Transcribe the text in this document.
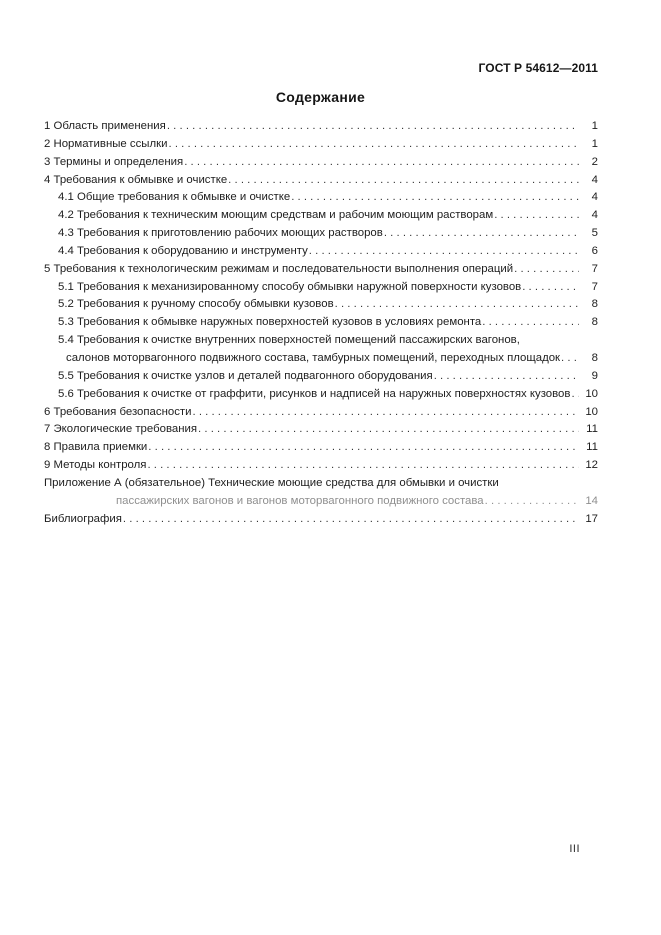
ГОСТ Р 54612—2011
Содержание
1 Область применения . . .	1
2 Нормативные ссылки . . .	1
3 Термины и определения . . .	2
4 Требования к обмывке и очистке . . .	4
4.1 Общие требования к обмывке и очистке . . .	4
4.2 Требования к техническим моющим средствам и рабочим моющим растворам . . .	4
4.3 Требования к приготовлению рабочих моющих растворов . . .	5
4.4 Требования к оборудованию и инструменту . . .	6
5 Требования к технологическим режимам и последовательности выполнения операций . . .	7
5.1 Требования к механизированному способу обмывки наружной поверхности кузовов . . .	7
5.2 Требования к ручному способу обмывки кузовов . . .	8
5.3 Требования к обмывке наружных поверхностей кузовов в условиях ремонта . . .	8
5.4 Требования к очистке внутренних поверхностей помещений пассажирских вагонов,
салонов моторвагонного подвижного состава, тамбурных помещений, переходных площадок . . .	8
5.5 Требования к очистке узлов и деталей подвагонного оборудования . . .	9
5.6 Требования к очистке от граффити, рисунков и надписей на наружных поверхностях кузовов . . .	10
6 Требования безопасности . . .	10
7 Экологические требования . . .	11
8 Правила приемки . . .	11
9 Методы контроля . . .	12
Приложение А (обязательное) Технические моющие средства для обмывки и очистки
пассажирских вагонов и вагонов моторвагонного подвижного состава . . .	14
Библиография . . .	17
III
